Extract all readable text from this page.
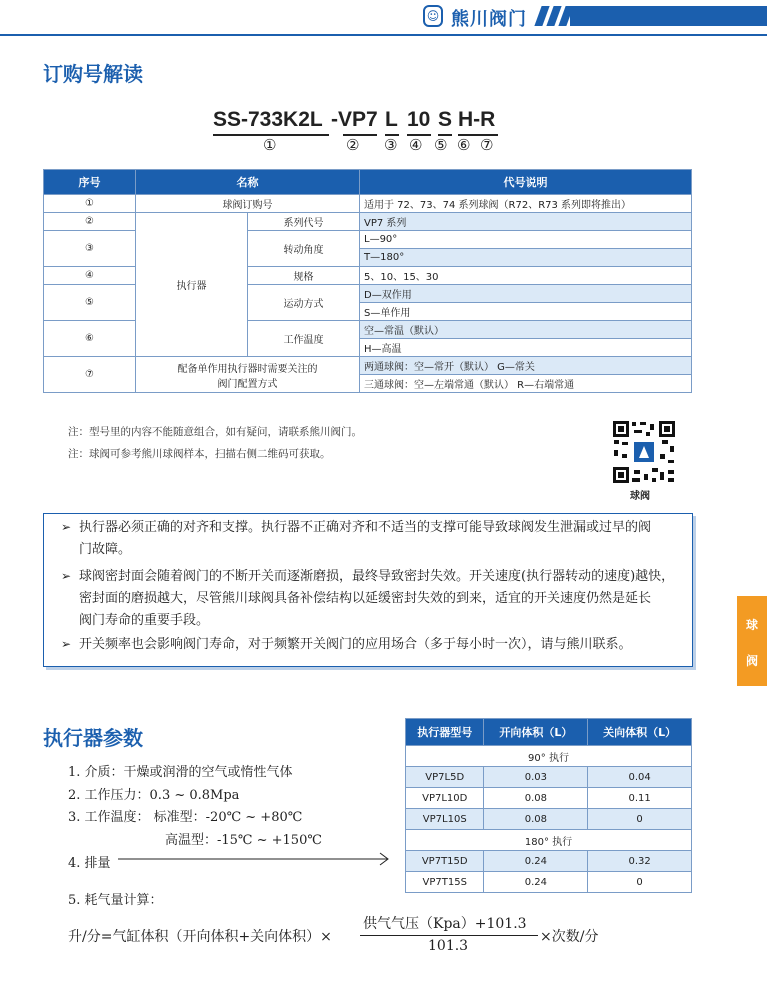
☺ 熊川阀门
订购号解读
SS-733K2L -VP7 L 10 S H-R
①	② ③ ④ ⑤ ⑥ ⑦
序号	名称		代号说明
①	球阀订购号		适用于 72、73、74 系列球阀（R72、R73 系列即将推出）
②	执行器	系列代号	VP7 系列
③		转动角度	L—90°
			T—180°
④		规格	5、10、15、30
⑤		运动方式	D—双作用
			S—单作用
⑥		工作温度	空—常温（默认）
			H—高温
⑦	配备单作用执行器时需要关注的阀门配置方式		两通球阀：空—常开（默认） G—常关
			三通球阀：空—左端常通（默认） R—右端常通
注：型号里的内容不能随意组合，如有疑问，请联系熊川阀门。
注：球阀可参考熊川球阀样本，扫描右侧二维码可获取。
球阀
➢ 执行器必须正确的对齐和支撑。执行器不正确对齐和不适当的支撑可能导致球阀发生泄漏或过早的阀
门故障。
➢ 球阀密封面会随着阀门的不断开关而逐渐磨损，最终导致密封失效。开关速度(执行器转动的速度)越快，
密封面的磨损越大，尽管熊川球阀具备补偿结构以延缓密封失效的到来，适宜的开关速度仍然是延长
阀门寿命的重要手段。
➢ 开关频率也会影响阀门寿命，对于频繁开关阀门的应用场合（多于每小时一次），请与熊川联系。
球
阀
执行器参数
1. 介质：干燥或润滑的空气或惰性气体
2. 工作压力：0.3 ~ 0.8Mpa
3. 工作温度： 标准型：-20℃ ~ +80℃
高温型：-15℃ ~ +150℃
4. 排量
5. 耗气量计算：
执行器型号	开向体积（L）	关向体积（L）
90° 执行		
VP7L5D	0.03	0.04
VP7L10D	0.08	0.11
VP7L10S	0.08	0
180° 执行		
VP7T15D	0.24	0.32
VP7T15S	0.24	0
升/分=气缸体积（开向体积+关向体积）×
供气气压（Kpa）+101.3
101.3
×次数/分
